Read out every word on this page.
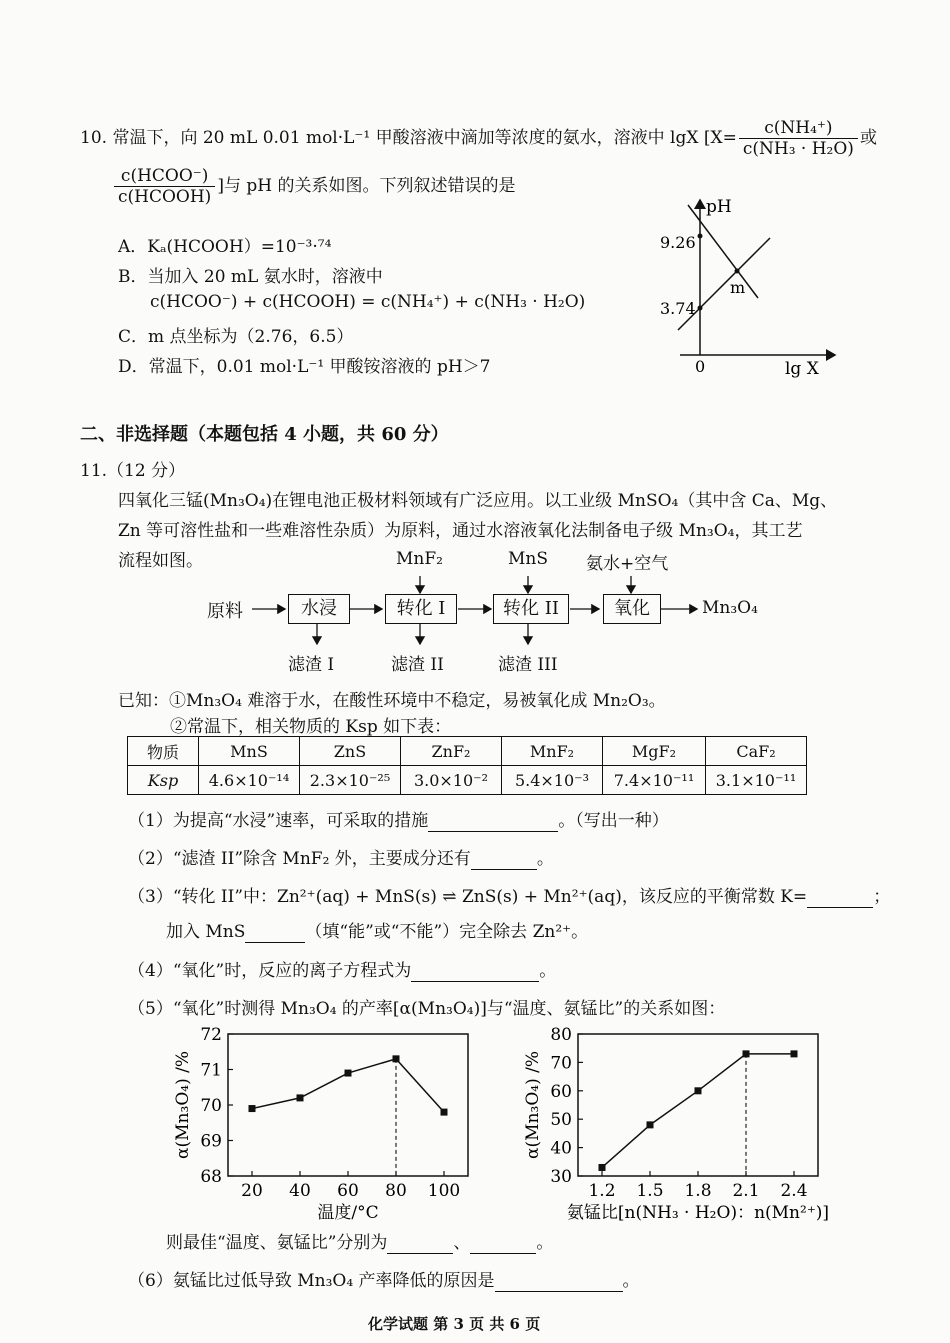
10. 常温下，向 20 mL 0.01 mol·L⁻¹ 甲酸溶液中滴加等浓度的氨水，溶液中 lgX [$X= \frac{\text{c(NH₄⁺)}}{\text{c(NH₃ · H₂O)}}$ 或
$\frac{\text{c(HCOO⁻)}}{\text{c(HCOOH)}}$ ]与 pH 的关系如图。下列叙述错误的是
A．Kₐ(HCOOH）=10⁻³·⁷⁴
B．当加入 20 mL 氨水时，溶液中
c(HCOO⁻) + c(HCOOH) = c(NH₄⁺) + c(NH₃ · H₂O)
C．m 点坐标为（2.76，6.5）
D．常温下，0.01 mol·L⁻¹ 甲酸铵溶液的 pH＞7
pH
9.26
3.74
m
0	lg X
二、非选择题（本题包括 4 小题，共 60 分）
11.（12 分）
四氧化三锰(Mn₃O₄)在锂电池正极材料领域有广泛应用。以工业级 MnSO₄（其中含 Ca、Mg、
Zn 等可溶性盐和一些难溶性杂质）为原料，通过水溶液氧化法制备电子级 Mn₃O₄，其工艺
流程如图。
原料	水浸	转化 I	转化 II	氧化	Mn₃O₄
MnF₂	MnS 氨水+空气
滤渣 I	滤渣 II	滤渣 III
已知：①Mn₃O₄ 难溶于水，在酸性环境中不稳定，易被氧化成 Mn₂O₃。
②常温下，相关物质的 Ksp 如下表：
物质	MnS	ZnS	ZnF₂	MnF₂	MgF₂	CaF₂
Ksp	4.6×10⁻¹⁴	2.3×10⁻²⁵	3.0×10⁻²	5.4×10⁻³	7.4×10⁻¹¹	3.1×10⁻¹¹
（1）为提高“水浸”速率，可采取的措施	。（写出一种）
（2）“滤渣 II”除含 MnF₂ 外，主要成分还有	。
（3）“转化 II”中：Zn²⁺(aq) + MnS(s) ⇌ ZnS(s) + Mn²⁺(aq)，该反应的平衡常数 K=	；
加入 MnS	（填“能”或“不能”）完全除去 Zn²⁺。
（4）“氧化”时，反应的离子方程式为	。
（5）“氧化”时测得 Mn₃O₄ 的产率[α(Mn₃O₄)]与“温度、氨锰比”的关系如图：
68
69
70
71
72
20 40 60 80 100
温度/°C
α(Mn₃O₄) /%
30
40
50
60
70
80
1.2 1.5 1.8 2.1 2.4
氨锰比[n(NH₃ · H₂O)：n(Mn²⁺)]
α(Mn₃O₄) /%
则最佳“温度、氨锰比”分别为	、	。
（6）氨锰比过低导致 Mn₃O₄ 产率降低的原因是	。
化学试题 第 3 页 共 6 页
